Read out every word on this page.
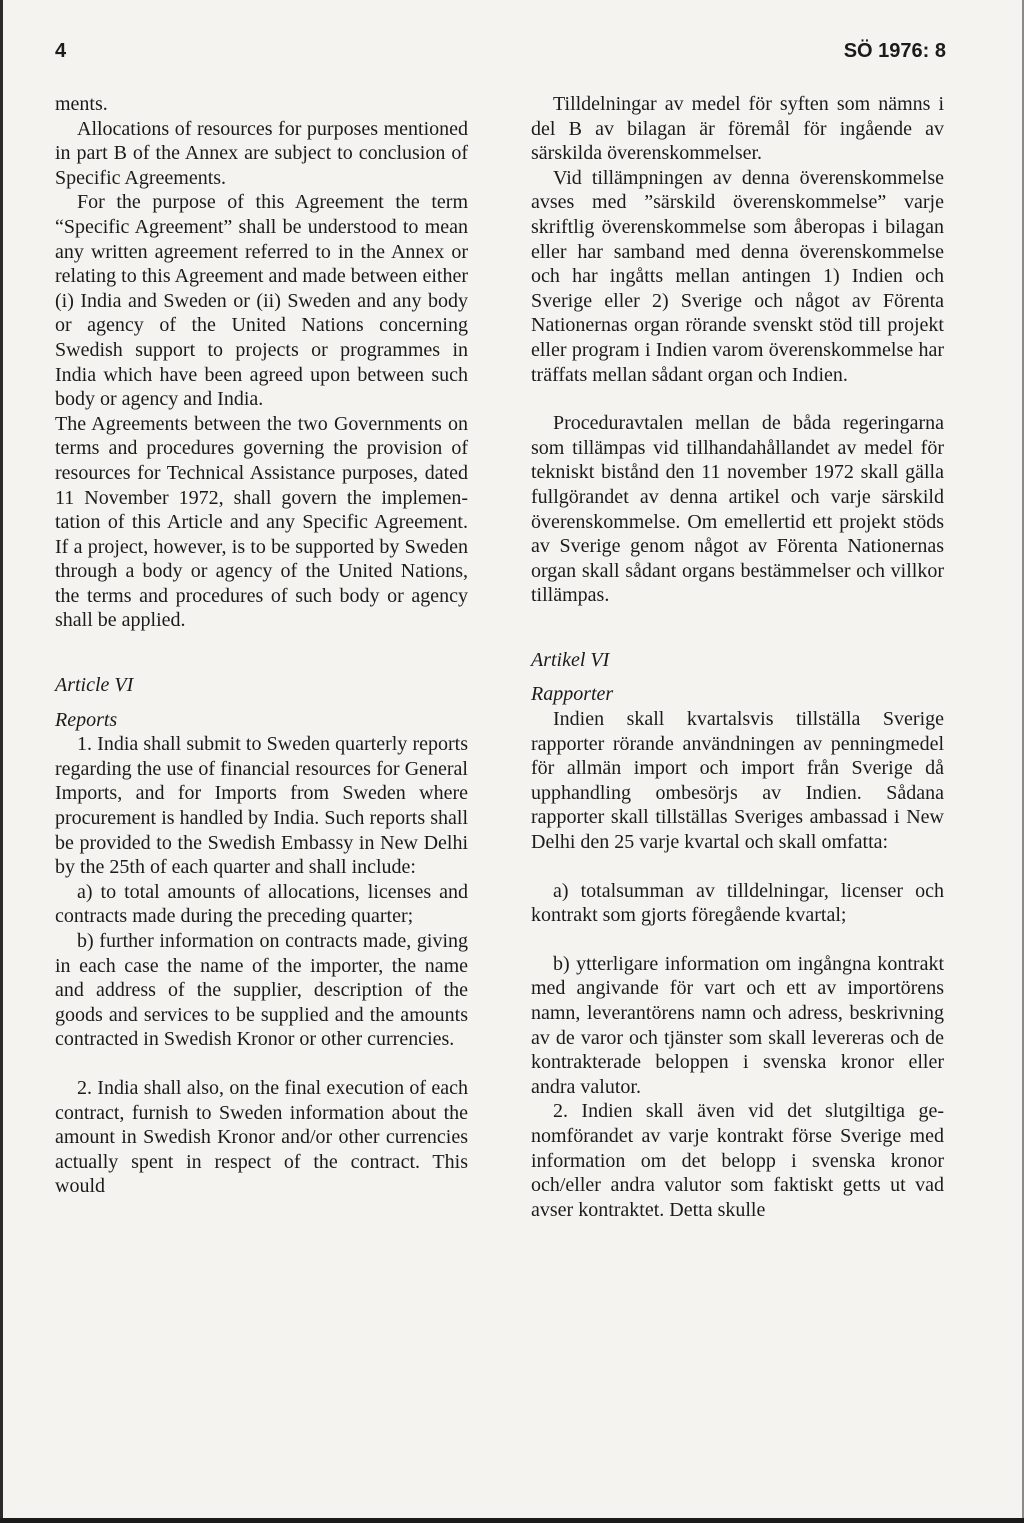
4	SÖ 1976: 8

ments.

Allocations of resources for purposes mentioned in part B of the Annex are subject to conclusion of Specific Agreements.

For the purpose of this Agreement the term “Specific Agreement” shall be understood to mean any written agreement referred to in the Annex or relating to this Agreement and made between either (i) India and Sweden or (ii) Sweden and any body or agency of the United Nations concerning Swedish support to projects or programmes in India which have been agreed upon between such body or agency and India.

The Agreements between the two Governments on terms and procedures governing the provision of resources for Technical Assistance purposes, dated 11 November 1972, shall govern the implementation of this Article and any Specific Agreement. If a project, however, is to be supported by Sweden through a body or agency of the United Nations, the terms and procedures of such body or agency shall be applied.

Article VI
Reports

1. India shall submit to Sweden quarterly reports regarding the use of financial resources for General Imports, and for Imports from Sweden where procurement is handled by India. Such reports shall be provided to the Swedish Embassy in New Delhi by the 25th of each quarter and shall include:

a) to total amounts of allocations, licenses and contracts made during the preceding quarter;

b) further information on contracts made, giving in each case the name of the importer, the name and address of the supplier, description of the goods and services to be supplied and the amounts contracted in Swedish Kronor or other currencies.

2. India shall also, on the final execution of each contract, furnish to Sweden information about the amount in Swedish Kronor and/or other currencies actually spent in respect of the contract. This would

Tilldelningar av medel för syften som nämns i del B av bilagan är föremål för ingående av särskilda överenskommelser.

Vid tillämpningen av denna överenskommelse avses med ”särskild överenskommelse” varje skriftlig överenskommelse som åberopas i bilagan eller har samband med denna överenskommelse och har ingåtts mellan antingen 1) Indien och Sverige eller 2) Sverige och något av Förenta Nationernas organ rörande svenskt stöd till projekt eller program i Indien varom överenskommelse har träffats mellan sådant organ och Indien.

Proceduravtalen mellan de båda regeringarna som tillämpas vid tillhandahållandet av medel för tekniskt bistånd den 11 november 1972 skall gälla fullgörandet av denna artikel och varje särskild överenskommelse. Om emellertid ett projekt stöds av Sverige genom något av Förenta Nationernas organ skall sådant organs bestämmelser och villkor tillämpas.

Artikel VI
Rapporter

Indien skall kvartalsvis tillställa Sverige rapporter rörande användningen av penningmedel för allmän import och import från Sverige då upphandling ombesörjs av Indien. Sådana rapporter skall tillställas Sveriges ambassad i New Delhi den 25 varje kvartal och skall omfatta:

a) totalsumman av tilldelningar, licenser och kontrakt som gjorts föregående kvartal;

b) ytterligare information om ingångna kontrakt med angivande för vart och ett av importörens namn, leverantörens namn och adress, beskrivning av de varor och tjänster som skall levereras och de kontrakterade beloppen i svenska kronor eller andra valutor.

2. Indien skall även vid det slutgiltiga genomförandet av varje kontrakt förse Sverige med information om det belopp i svenska kronor och/eller andra valutor som faktiskt getts ut vad avser kontraktet. Detta skulle
